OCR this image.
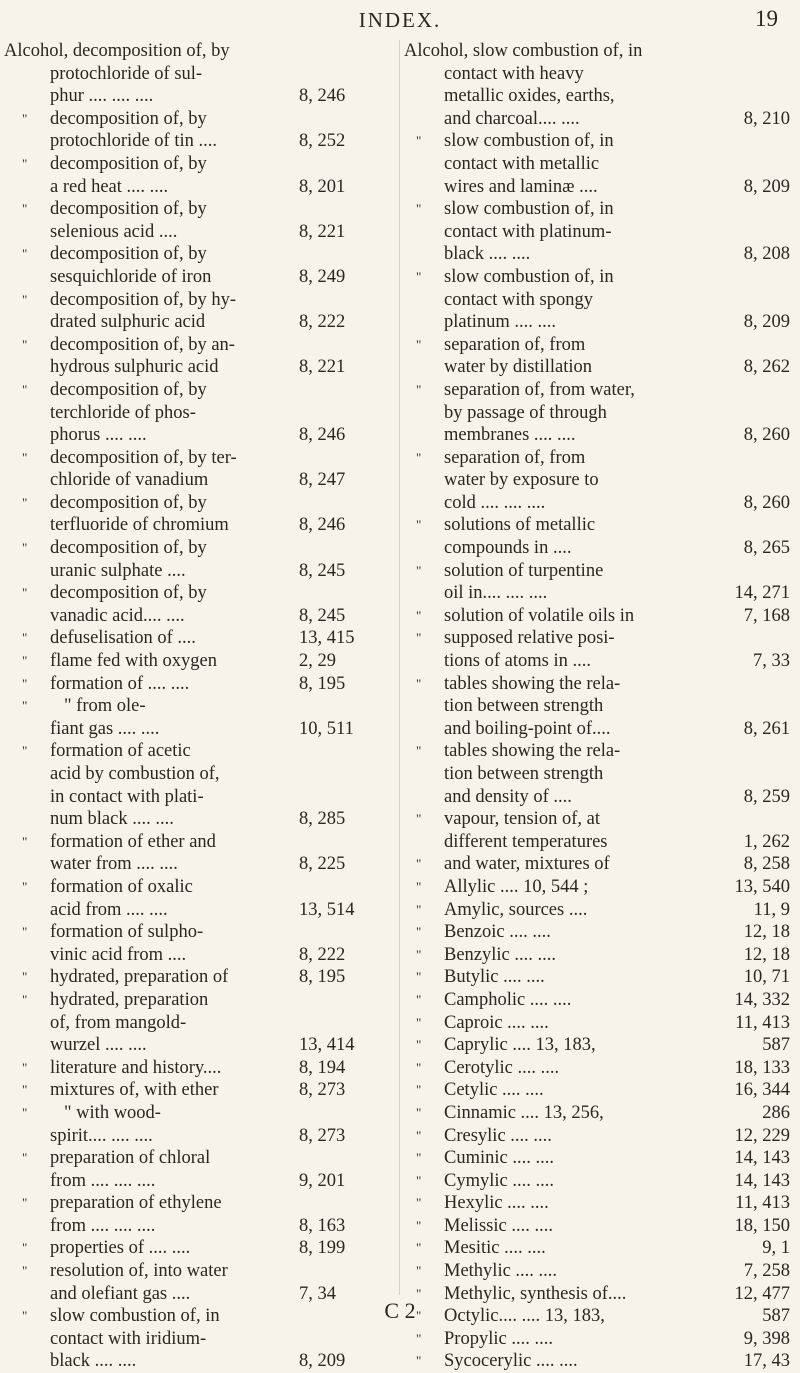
INDEX.	19
Alcohol, decomposition of, by
protochloride of sul-
phur .... .... ....	8, 246
"	decomposition of, by
protochloride of tin ....	8, 252
"	decomposition of, by
a red heat .... ....	8, 201
"	decomposition of, by
selenious acid ....	8, 221
"	decomposition of, by
sesquichloride of iron	8, 249
"	decomposition of, by hy-
drated sulphuric acid	8, 222
"	decomposition of, by an-
hydrous sulphuric acid	8, 221
"	decomposition of, by
terchloride of phos-
phorus .... ....	8, 246
"	decomposition of, by ter-
chloride of vanadium	8, 247
"	decomposition of, by
terfluoride of chromium	8, 246
"	decomposition of, by
uranic sulphate ....	8, 245
"	decomposition of, by
vanadic acid.... ....	8, 245
"	defuselisation of ....	13, 415
"	flame fed with oxygen	2, 29
"	formation of .... ....	8, 195
"	" from ole-
fiant gas .... ....	10, 511
"	formation of acetic
acid by combustion of,
in contact with plati-
num black .... ....	8, 285
"	formation of ether and
water from .... ....	8, 225
"	formation of oxalic
acid from .... ....	13, 514
"	formation of sulpho-
vinic acid from ....	8, 222
"	hydrated, preparation of	8, 195
"	hydrated, preparation
of, from mangold-
wurzel .... ....	13, 414
"	literature and history....	8, 194
"	mixtures of, with ether	8, 273
"	" with wood-
spirit.... .... ....	8, 273
"	preparation of chloral
from .... .... ....	9, 201
"	preparation of ethylene
from .... .... ....	8, 163
"	properties of .... ....	8, 199
"	resolution of, into water
and olefiant gas ....	7, 34
"	slow combustion of, in
contact with iridium-
black .... ....	8, 209
Alcohol, slow combustion of, in
contact with heavy
metallic oxides, earths,
and charcoal.... ....	8, 210
"	slow combustion of, in
contact with metallic
wires and laminæ ....	8, 209
"	slow combustion of, in
contact with platinum-
black .... ....	8, 208
"	slow combustion of, in
contact with spongy
platinum .... ....	8, 209
"	separation of, from
water by distillation	8, 262
"	separation of, from water,
by passage of through
membranes .... ....	8, 260
"	separation of, from
water by exposure to
cold .... .... ....	8, 260
"	solutions of metallic
compounds in ....	8, 265
"	solution of turpentine
oil in.... .... ....	14, 271
"	solution of volatile oils in	7, 168
"	supposed relative posi-
tions of atoms in ....	7, 33
"	tables showing the rela-
tion between strength
and boiling-point of....	8, 261
"	tables showing the rela-
tion between strength
and density of ....	8, 259
"	vapour, tension of, at
different temperatures	1, 262
"	and water, mixtures of	8, 258
"	Allylic .... 10, 544 ;	13, 540
"	Amylic, sources ....	11, 9
"	Benzoic .... ....	12, 18
"	Benzylic .... ....	12, 18
"	Butylic .... ....	10, 71
"	Campholic .... ....	14, 332
"	Caproic .... ....	11, 413
"	Caprylic .... 13, 183,	587
"	Cerotylic .... ....	18, 133
"	Cetylic .... ....	16, 344
"	Cinnamic .... 13, 256,	286
"	Cresylic .... ....	12, 229
"	Cuminic .... ....	14, 143
"	Cymylic .... ....	14, 143
"	Hexylic .... ....	11, 413
"	Melissic .... ....	18, 150
"	Mesitic .... ....	9, 1
"	Methylic .... ....	7, 258
"	Methylic, synthesis of....	12, 477
"	Octylic.... .... 13, 183,	587
"	Propylic .... ....	9, 398
"	Sycocerylic .... ....	17, 43
C 2
